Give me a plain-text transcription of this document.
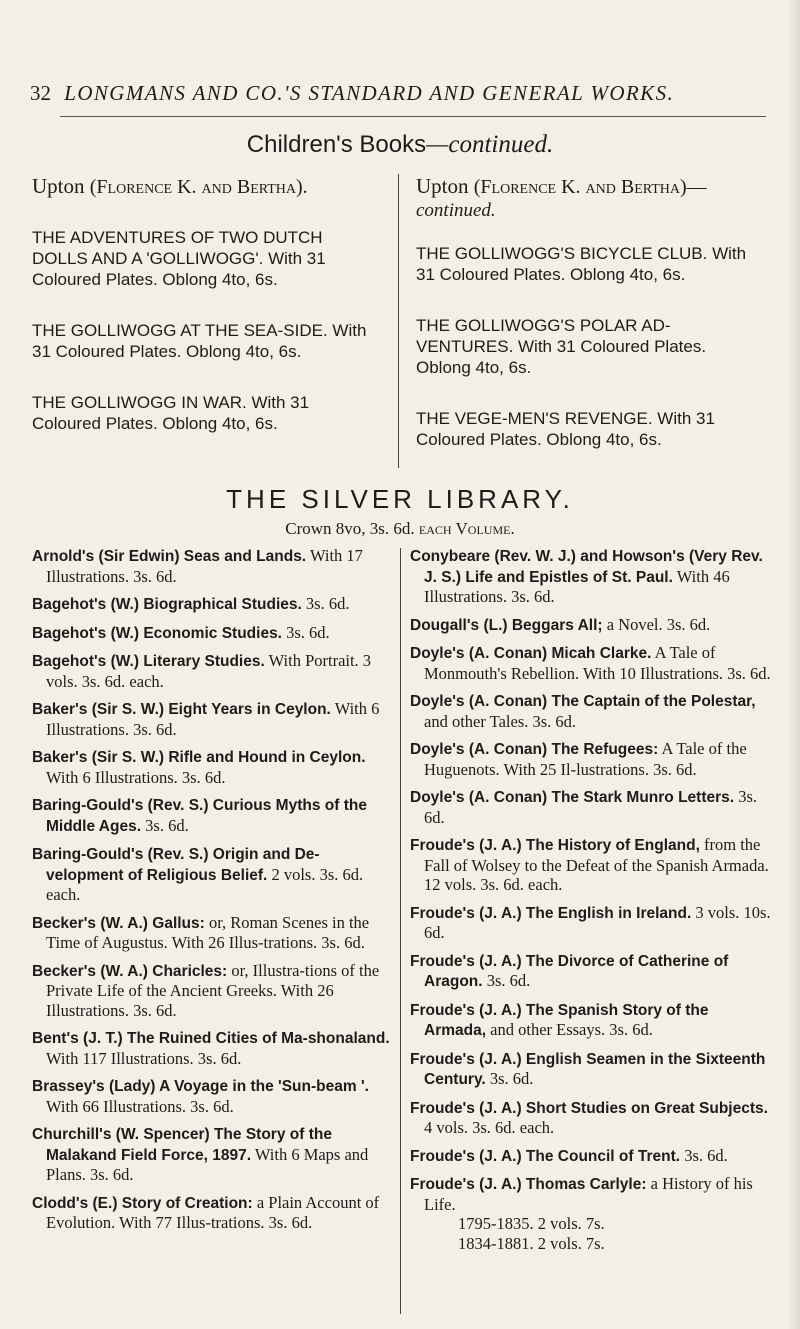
32 LONGMANS AND CO.'S STANDARD AND GENERAL WORKS.
Children's Books—continued.
Upton (Florence K. and Bertha).
THE ADVENTURES OF TWO DUTCH DOLLS AND A 'GOLLIWOGG'. With 31 Coloured Plates. Oblong 4to, 6s.
THE GOLLIWOGG AT THE SEA-SIDE. With 31 Coloured Plates. Oblong 4to, 6s.
THE GOLLIWOGG IN WAR. With 31 Coloured Plates. Oblong 4to, 6s.
Upton (Florence K. and Bertha)—
continued.
THE GOLLIWOGG'S BICYCLE CLUB. With 31 Coloured Plates. Oblong 4to, 6s.
THE GOLLIWOGG'S POLAR AD-VENTURES. With 31 Coloured Plates. Oblong 4to, 6s.
THE VEGE-MEN'S REVENGE. With 31 Coloured Plates. Oblong 4to, 6s.
THE SILVER LIBRARY.
Crown 8vo, 3s. 6d. each Volume.
Arnold's (Sir Edwin) Seas and Lands. With 17 Illustrations. 3s. 6d.
Bagehot's (W.) Biographical Studies. 3s. 6d.
Bagehot's (W.) Economic Studies. 3s. 6d.
Bagehot's (W.) Literary Studies. With Portrait. 3 vols. 3s. 6d. each.
Baker's (Sir S. W.) Eight Years in Ceylon. With 6 Illustrations. 3s. 6d.
Baker's (Sir S. W.) Rifle and Hound in Ceylon. With 6 Illustrations. 3s. 6d.
Baring-Gould's (Rev. S.) Curious Myths of the Middle Ages. 3s. 6d.
Baring-Gould's (Rev. S.) Origin and De-velopment of Religious Belief. 2 vols. 3s. 6d. each.
Becker's (W. A.) Gallus: or, Roman Scenes in the Time of Augustus. With 26 Illus-trations. 3s. 6d.
Becker's (W. A.) Charicles: or, Illustra-tions of the Private Life of the Ancient Greeks. With 26 Illustrations. 3s. 6d.
Bent's (J. T.) The Ruined Cities of Ma-shonaland. With 117 Illustrations. 3s. 6d.
Brassey's (Lady) A Voyage in the 'Sun-beam '. With 66 Illustrations. 3s. 6d.
Churchill's (W. Spencer) The Story of the Malakand Field Force, 1897. With 6 Maps and Plans. 3s. 6d.
Clodd's (E.) Story of Creation: a Plain Account of Evolution. With 77 Illus-trations. 3s. 6d.
Conybeare (Rev. W. J.) and Howson's (Very Rev. J. S.) Life and Epistles of St. Paul. With 46 Illustrations. 3s. 6d.
Dougall's (L.) Beggars All; a Novel. 3s. 6d.
Doyle's (A. Conan) Micah Clarke. A Tale of Monmouth's Rebellion. With 10 Illustrations. 3s. 6d.
Doyle's (A. Conan) The Captain of the Polestar, and other Tales. 3s. 6d.
Doyle's (A. Conan) The Refugees: A Tale of the Huguenots. With 25 Il-lustrations. 3s. 6d.
Doyle's (A. Conan) The Stark Munro Letters. 3s. 6d.
Froude's (J. A.) The History of England, from the Fall of Wolsey to the Defeat of the Spanish Armada. 12 vols. 3s. 6d. each.
Froude's (J. A.) The English in Ireland. 3 vols. 10s. 6d.
Froude's (J. A.) The Divorce of Catherine of Aragon. 3s. 6d.
Froude's (J. A.) The Spanish Story of the Armada, and other Essays. 3s. 6d.
Froude's (J. A.) English Seamen in the Sixteenth Century. 3s. 6d.
Froude's (J. A.) Short Studies on Great Subjects. 4 vols. 3s. 6d. each.
Froude's (J. A.) The Council of Trent. 3s. 6d.
Froude's (J. A.) Thomas Carlyle: a History of his Life.
1795-1835. 2 vols. 7s.
1834-1881. 2 vols. 7s.
